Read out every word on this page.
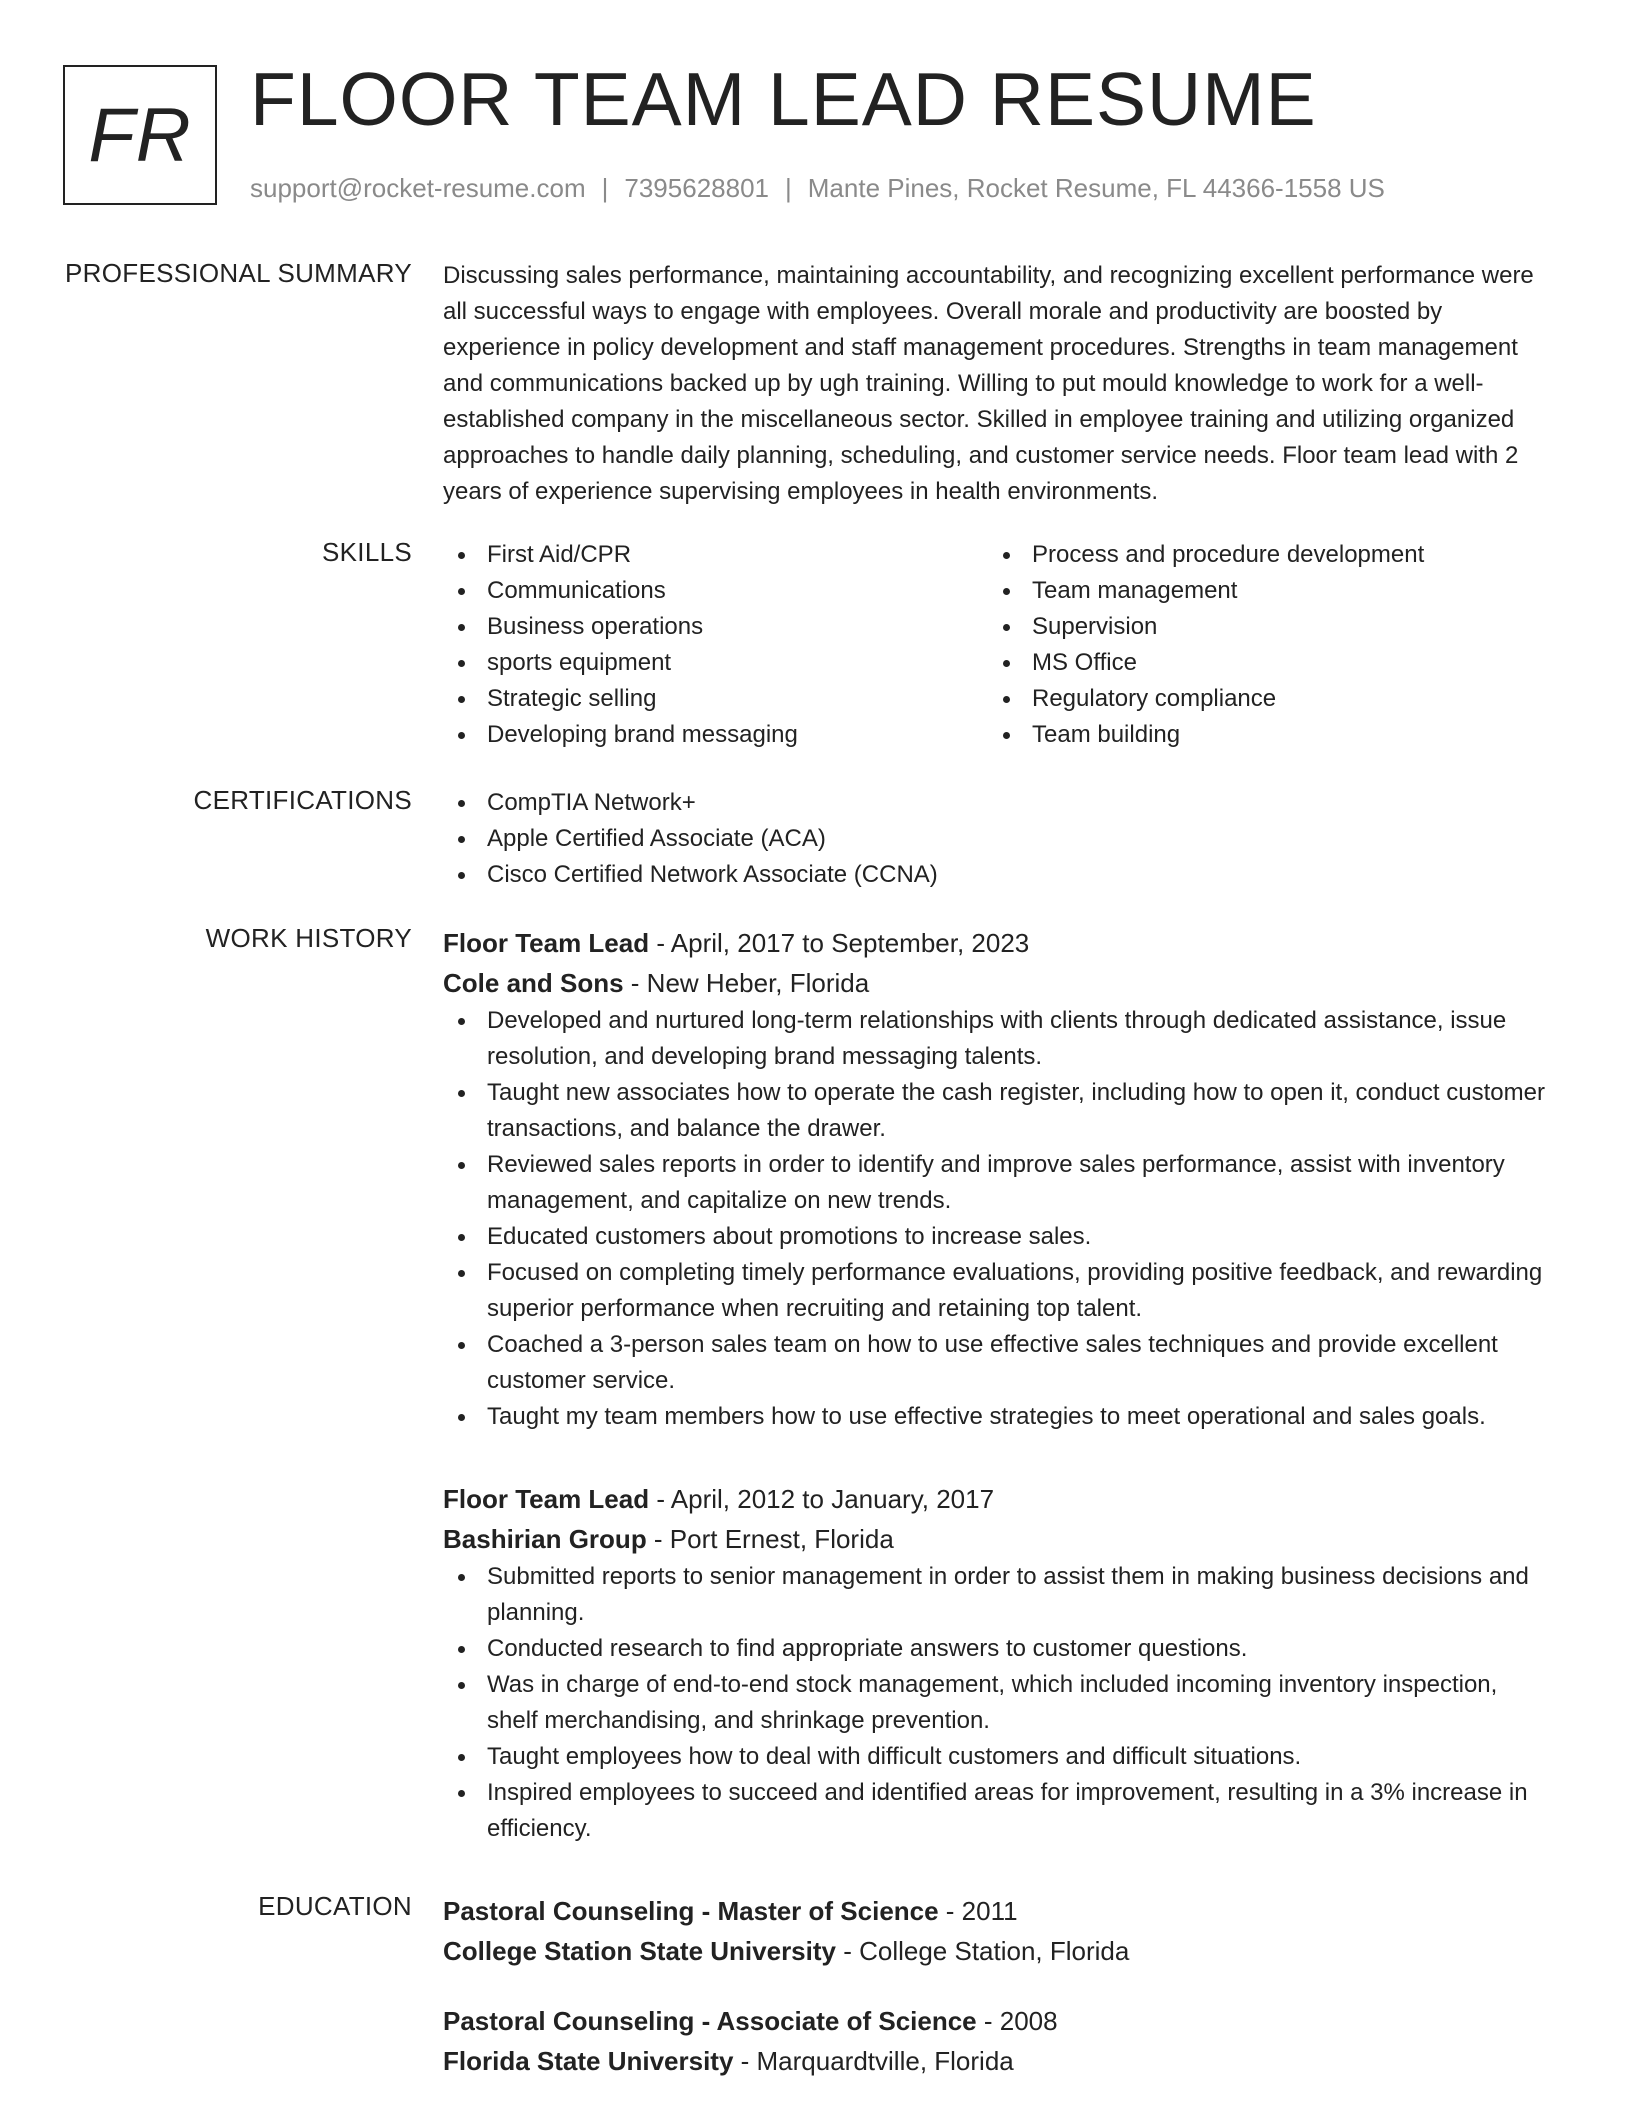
FR FLOOR TEAM LEAD RESUME
support@rocket-resume.com | 7395628801 | Mante Pines, Rocket Resume, FL 44366-1558 US
PROFESSIONAL SUMMARY Discussing sales performance, maintaining accountability, and recognizing excellent performance were all successful ways to engage with employees. Overall morale and productivity are boosted by experience in policy development and staff management procedures. Strengths in team management and communications backed up by ugh training. Willing to put mould knowledge to work for a well-established company in the miscellaneous sector. Skilled in employee training and utilizing organized approaches to handle daily planning, scheduling, and customer service needs. Floor team lead with 2 years of experience supervising employees in health environments.

SKILLS	First Aid/CPR
Communications
Business operations
sports equipment
Strategic selling
Developing brand messaging
Process and procedure development
Team management
Supervision
MS Office
Regulatory compliance
Team building
CERTIFICATIONS	CompTIA Network+
Apple Certified Associate (ACA)
Cisco Certified Network Associate (CCNA)
WORK HISTORY Floor Team Lead - April, 2017 to September, 2023
Cole and Sons - New Heber, Florida
Developed and nurtured long-term relationships with clients through dedicated assistance, issue resolution, and developing brand messaging talents.
Taught new associates how to operate the cash register, including how to open it, conduct customer transactions, and balance the drawer.
Reviewed sales reports in order to identify and improve sales performance, assist with inventory management, and capitalize on new trends.
Educated customers about promotions to increase sales.
Focused on completing timely performance evaluations, providing positive feedback, and rewarding superior performance when recruiting and retaining top talent.
Coached a 3-person sales team on how to use effective sales techniques and provide excellent customer service.
Taught my team members how to use effective strategies to meet operational and sales goals.
Floor Team Lead - April, 2012 to January, 2017
Bashirian Group - Port Ernest, Florida
Submitted reports to senior management in order to assist them in making business decisions and planning.
Conducted research to find appropriate answers to customer questions.
Was in charge of end-to-end stock management, which included incoming inventory inspection, shelf merchandising, and shrinkage prevention.
Taught employees how to deal with difficult customers and difficult situations.
Inspired employees to succeed and identified areas for improvement, resulting in a 3% increase in efficiency.
EDUCATION Pastoral Counseling - Master of Science - 2011
College Station State University - College Station, Florida
Pastoral Counseling - Associate of Science - 2008
Florida State University - Marquardtville, Florida
